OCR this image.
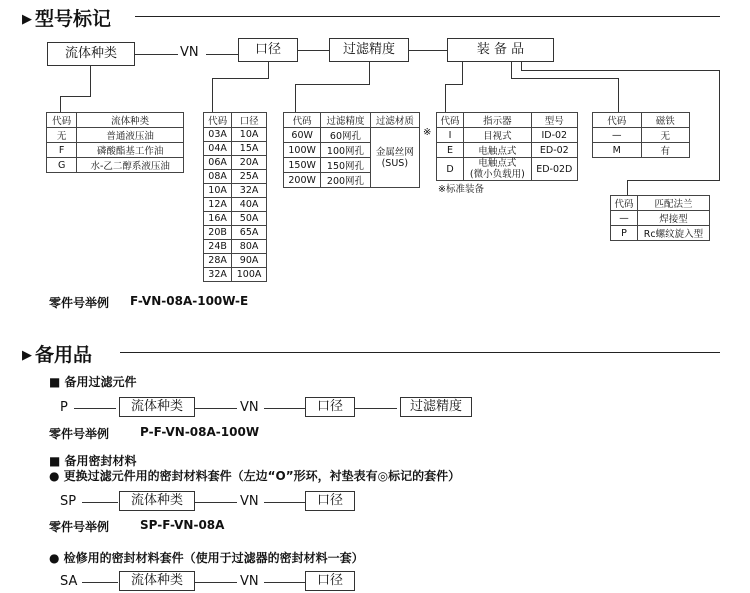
▶ 型号标记
流体种类	VN	口径	过滤精度	装 备 品
代码	流体种类
无	普通液压油
F	磷酸酯基工作油
G	水-乙二醇系液压油
代码	口径
03A	10A
04A	15A
06A	20A
08A	25A
10A	32A
12A	40A
16A	50A
20B	65A
24B	80A
28A	90A
32A	100A
代码	过滤精度	过滤材质
60W	60网孔	金属丝网
(SUS)
100W	100网孔	
150W	150网孔	
200W	200网孔	
※
代码	指示器	型号
I	目视式	ID-02
E	电触点式	ED-02
D	电触点式
(微小负载用)	ED-02D
※标准装备
代码	磁铁
—	无
M	有
代码	匹配法兰
—	焊接型
P	Rc螺纹旋入型
零件号举例 F-VN-08A-100W-E
▶ 备用品
■ 备用过滤元件
P	流体种类	VN	口径	过滤精度
零件号举例	P-F-VN-08A-100W
■ 备用密封材料
● 更换过滤元件用的密封材料套件（左边“O”形环，衬垫表有◎标记的套件）
SP	流体种类	VN	口径
零件号举例	SP-F-VN-08A
● 检修用的密封材料套件（使用于过滤器的密封材料一套）
SA	流体种类	VN	口径
